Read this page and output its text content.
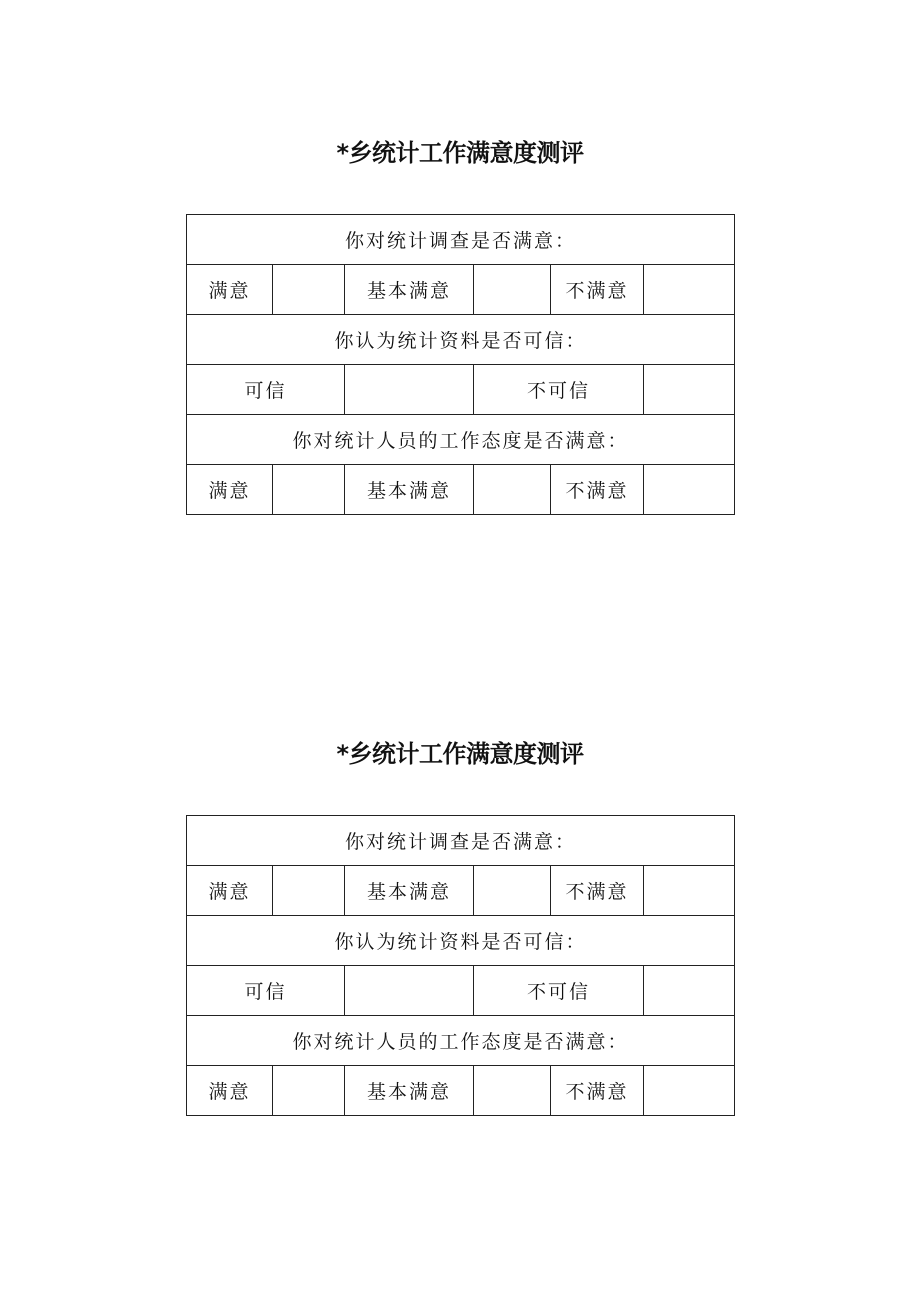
*乡统计工作满意度测评
你对统计调查是否满意：					
满意		基本满意		不满意	
你认为统计资料是否可信：					
可信			不可信		
你对统计人员的工作态度是否满意：					
满意		基本满意		不满意	
*乡统计工作满意度测评
你对统计调查是否满意：					
满意		基本满意		不满意	
你认为统计资料是否可信：					
可信			不可信		
你对统计人员的工作态度是否满意：					
满意		基本满意		不满意	
